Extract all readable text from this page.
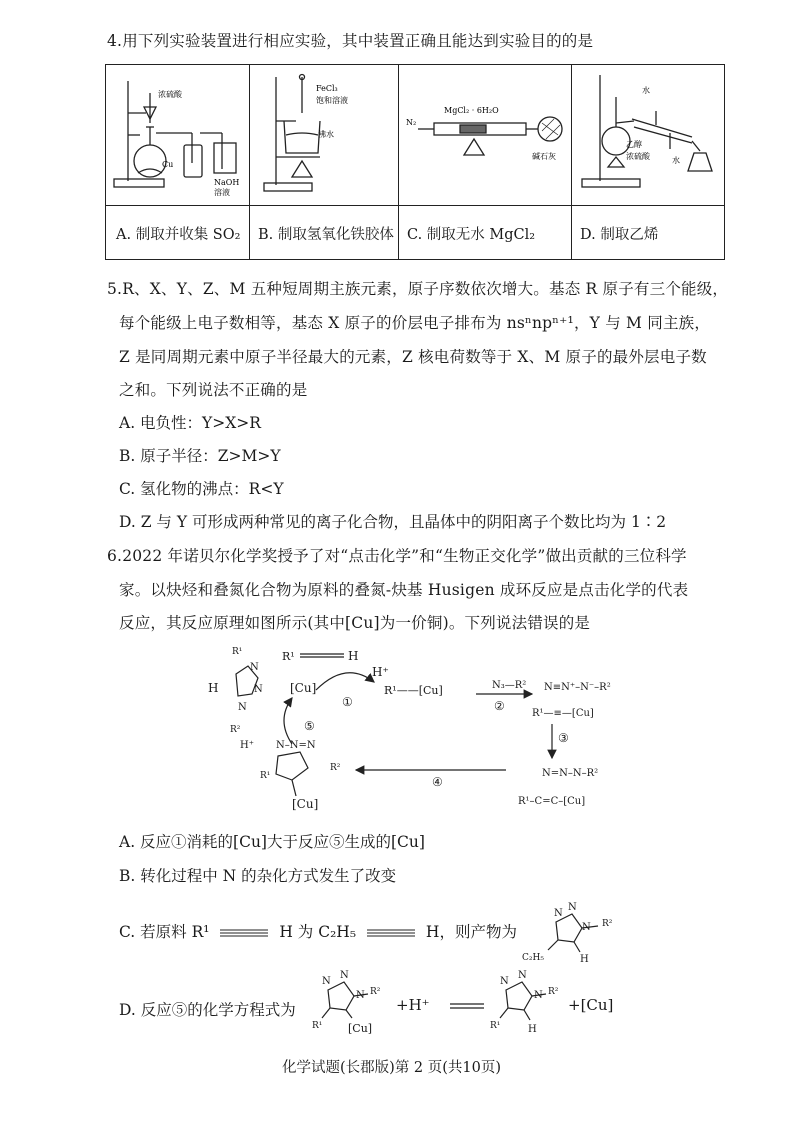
4.用下列实验装置进行相应实验，其中装置正确且能达到实验目的的是
浓硫酸
Cu
NaOH
溶液
FeCl₃
饱和溶液
沸水
N₂
MgCl₂ · 6H₂O
碱石灰
水
乙醇
浓硫酸	水
A. 制取并收集 SO₂ B. 制取氢氧化铁胶体 C. 制取无水 MgCl₂	D. 制取乙烯
5.R、X、Y、Z、M 五种短周期主族元素，原子序数依次增大。基态 R 原子有三个能级，
每个能级上电子数相等，基态 X 原子的价层电子排布为 nsⁿnpⁿ⁺¹，Y 与 M 同主族，
Z 是同周期元素中原子半径最大的元素，Z 核电荷数等于 X、M 原子的最外层电子数
之和。下列说法不正确的是
A. 电负性：Y>X>R
B. 原子半径：Z>M>Y
C. 氢化物的沸点：R<Y
D. Z 与 Y 可形成两种常见的离子化合物，且晶体中的阴阳离子个数比均为 1∶2
6.2022 年诺贝尔化学奖授予了对“点击化学”和“生物正交化学”做出贡献的三位科学
家。以炔烃和叠氮化合物为原料的叠氮-炔基 Husigen 成环反应是点击化学的代表
反应，其反应原理如图所示(其中[Cu]为一价铜)。下列说法错误的是
R¹
H
N
N
N
R²
[Cu]
R¹	H
H⁺
①
R¹——[Cu]	N₃—R²
②
N≡N⁺–N⁻–R²
R¹—≡—[Cu]
③
N=N–N–R²
R¹–C=C–[Cu]
④
H⁺ N–N=N
R¹
R²
[Cu]
⑤
A. 反应①消耗的[Cu]大于反应⑤生成的[Cu]
B. 转化过程中 N 的杂化方式发生了改变
C. 若原料 R¹	H 为 C₂H₅	H，则产物为
N
N
N R²
C₂H₅	H
D. 反应⑤的化学方程式为
N
N
N R²
R¹ [Cu]
N
N
N R²
R¹	H
+H⁺	+[Cu]
化学试题(长郡版)第 2 页(共10页)
